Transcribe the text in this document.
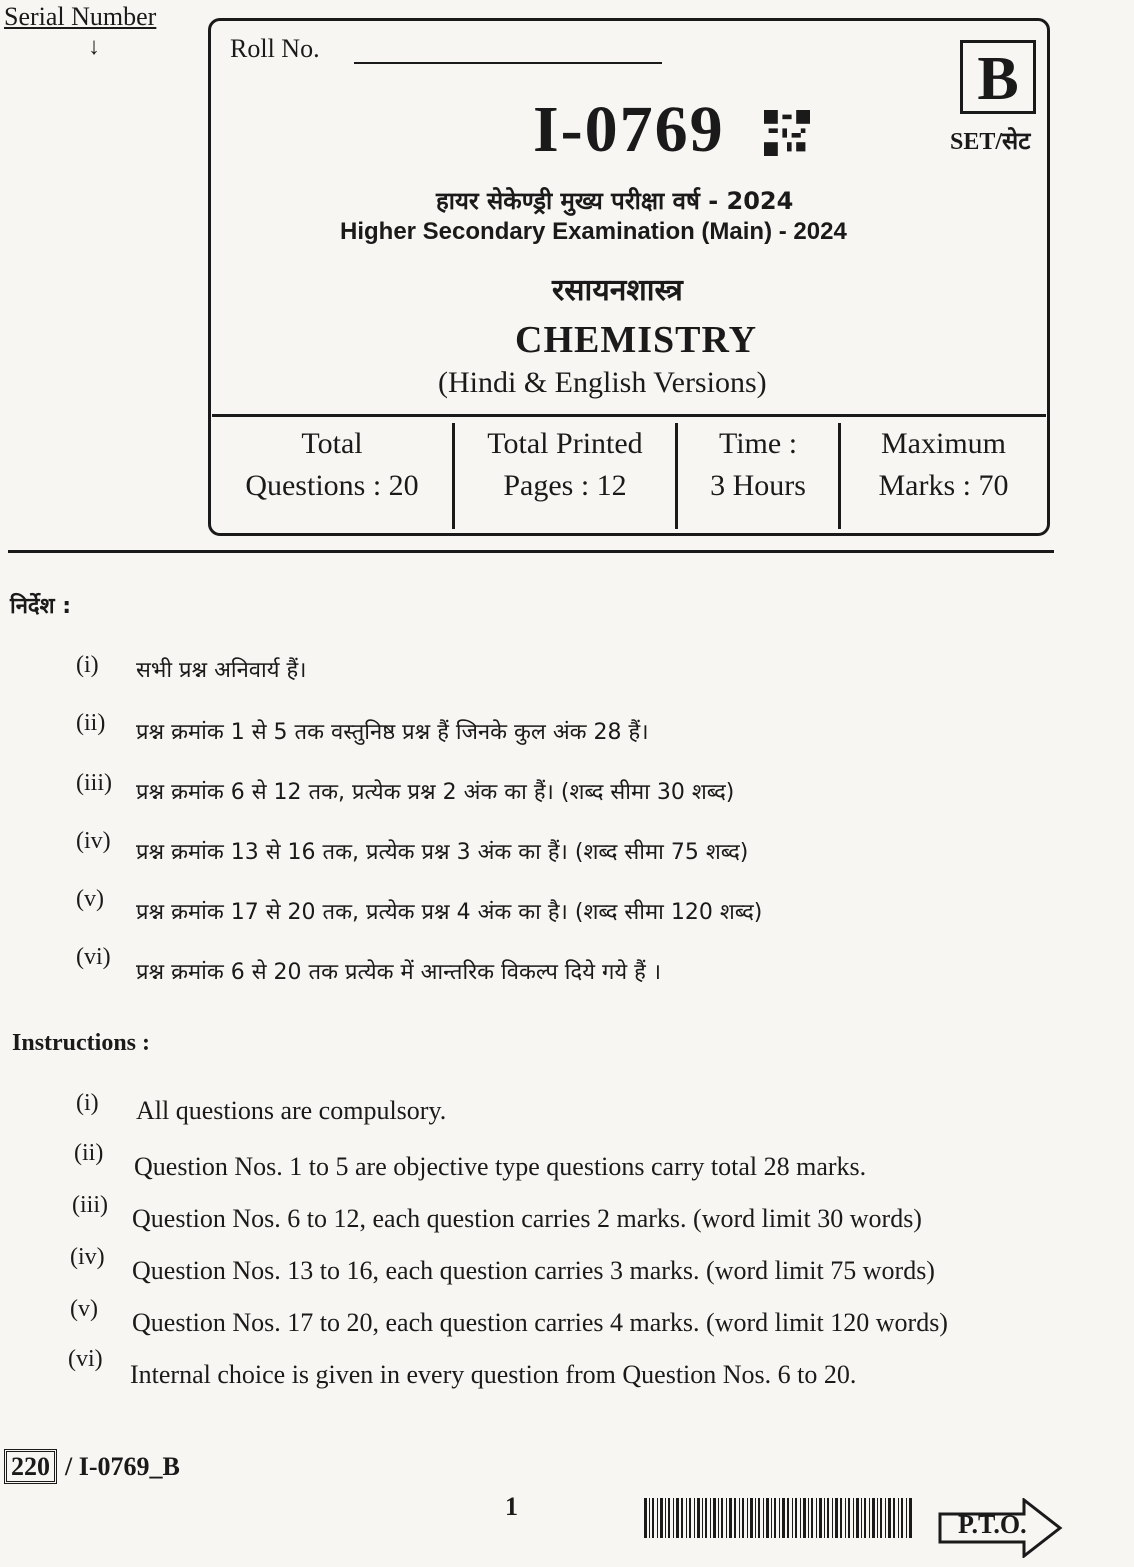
Serial Number
↓	Roll No.	B
SET/सेट
I-0769
हायर सेकेण्ड्री मुख्य परीक्षा वर्ष - 2024
Higher Secondary Examination (Main) - 2024
रसायनशास्त्र
CHEMISTRY
(Hindi & English Versions)
Total
Questions : 20
Total Printed
Pages : 12
Time :
3 Hours
Maximum
Marks : 70
निर्देश :
(i) सभी प्रश्न अनिवार्य हैं।
(ii) प्रश्न क्रमांक 1 से 5 तक वस्तुनिष्ठ प्रश्न हैं जिनके कुल अंक 28 हैं।
(iii) प्रश्न क्रमांक 6 से 12 तक, प्रत्येक प्रश्न 2 अंक का हैं। (शब्द सीमा 30 शब्द)
(iv) प्रश्न क्रमांक 13 से 16 तक, प्रत्येक प्रश्न 3 अंक का हैं। (शब्द सीमा 75 शब्द)
(v)
प्रश्न क्रमांक 17 से 20 तक, प्रत्येक प्रश्न 4 अंक का है। (शब्द सीमा 120 शब्द)
(vi)
प्रश्न क्रमांक 6 से 20 तक प्रत्येक में आन्तरिक विकल्प दिये गये हैं ।
Instructions :
(i) All questions are compulsory.
(ii) Question Nos. 1 to 5 are objective type questions carry total 28 marks.
(iii) Question Nos. 6 to 12, each question carries 2 marks. (word limit 30 words)
(iv) Question Nos. 13 to 16, each question carries 3 marks. (word limit 75 words)
(v) Question Nos. 17 to 20, each question carries 4 marks. (word limit 120 words)
(vi)
Internal choice is given in every question from Question Nos. 6 to 20.
220 / I-0769_B
1
P.T.O.
